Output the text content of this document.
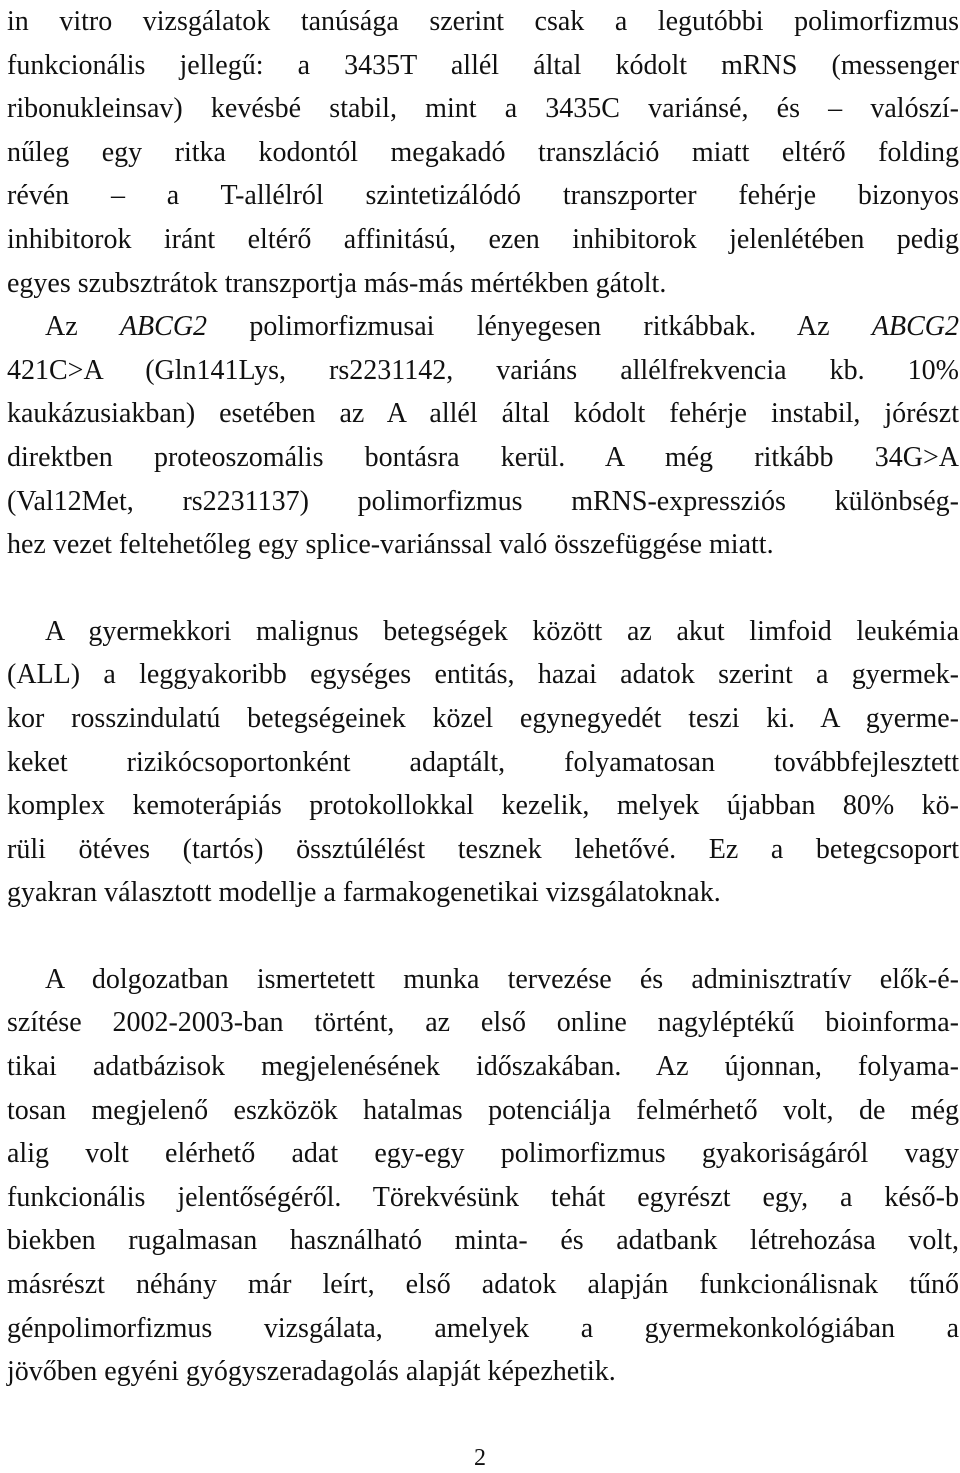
in vitro vizsgálatok tanúsága szerint csak a legutóbbi polimorfizmus
funkcionális jellegű: a 3435T allél által kódolt mRNS (messenger
ribonukleinsav) kevésbé stabil, mint a 3435C variánsé, és – valószí-
nűleg egy ritka kodontól megakadó transzláció miatt eltérő folding
révén – a T-allélról szintetizálódó transzporter fehérje bizonyos
inhibitorok iránt eltérő affinitású, ezen inhibitorok jelenlétében pedig
egyes szubsztrátok transzportja más-más mértékben gátolt.
Az ABCG2 polimorfizmusai lényegesen ritkábbak. Az ABCG2
421C>A (Gln141Lys, rs2231142, variáns allélfrekvencia kb. 10%
kaukázusiakban) esetében az A allél által kódolt fehérje instabil, jórészt
direktben proteoszomális bontásra kerül. A még ritkább 34G>A
(Val12Met, rs2231137) polimorfizmus mRNS-expressziós különbség-
hez vezet feltehetőleg egy splice-variánssal való összefüggése miatt.
A gyermekkori malignus betegségek között az akut limfoid leukémia
(ALL) a leggyakoribb egységes entitás, hazai adatok szerint a gyermek-
kor rosszindulatú betegségeinek közel egynegyedét teszi ki. A gyerme-
keket rizikócsoportonként adaptált, folyamatosan továbbfejlesztett
komplex kemoterápiás protokollokkal kezelik, melyek újabban 80% kö-
rüli ötéves (tartós) össztúlélést tesznek lehetővé. Ez a betegcsoport
gyakran választott modellje a farmakogenetikai vizsgálatoknak.
A dolgozatban ismertetett munka tervezése és adminisztratív elők-é-
szítése 2002-2003-ban történt, az első online nagyléptékű bioinforma-
tikai adatbázisok megjelenésének időszakában. Az újonnan, folyama-
tosan megjelenő eszközök hatalmas potenciálja felmérhető volt, de még
alig volt elérhető adat egy-egy polimorfizmus gyakoriságáról vagy
funkcionális jelentőségéről. Törekvésünk tehát egyrészt egy, a késő-b
biekben rugalmasan használható minta- és adatbank létrehozása volt,
másrészt néhány már leírt, első adatok alapján funkcionálisnak tűnő
génpolimorfizmus vizsgálata, amelyek a gyermekonkológiában a
jövőben egyéni gyógyszeradagolás alapját képezhetik.
2
